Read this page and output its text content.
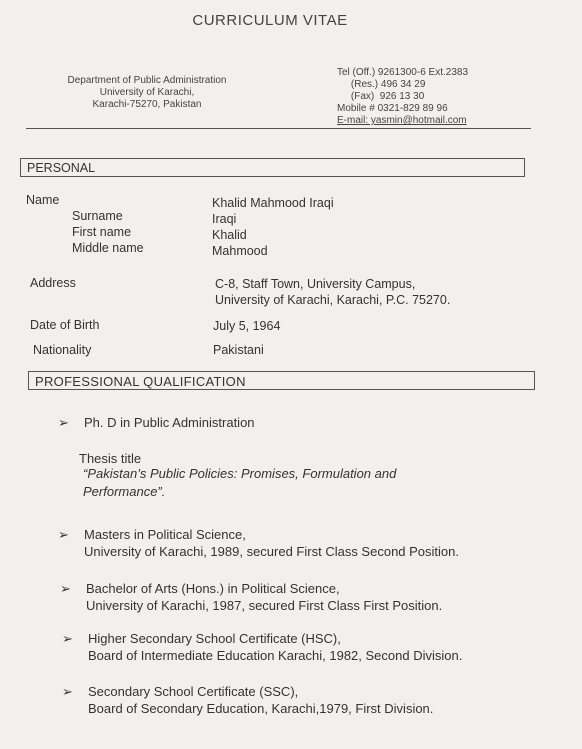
CURRICULUM VITAE
Department of Public Administration
University of Karachi,
Karachi-75270, Pakistan
Tel (Off.) 9261300-6 Ext.2383
(Res.) 496 34 29
(Fax)  926 13 30
Mobile # 0321-829 89 96
E-mail: yasmin@hotmail.com
PERSONAL
Name	Khalid Mahmood Iraqi
Surname	Iraqi
First name	Khalid
Middle name	Mahmood
Address	C-8, Staff Town, University Campus,
University of Karachi, Karachi, P.C. 75270.
Date of Birth	July 5, 1964
Nationality	Pakistani
PROFESSIONAL QUALIFICATION
➢ Ph. D in Public Administration
Thesis title
“Pakistan’s Public Policies: Promises, Formulation and
Performance”.
➢ Masters in Political Science,
University of Karachi, 1989, secured First Class Second Position.
➢ Bachelor of Arts (Hons.) in Political Science,
University of Karachi, 1987, secured First Class First Position.
➢ Higher Secondary School Certificate (HSC),
Board of Intermediate Education Karachi, 1982, Second Division.
➢ Secondary School Certificate (SSC),
Board of Secondary Education, Karachi,1979, First Division.
